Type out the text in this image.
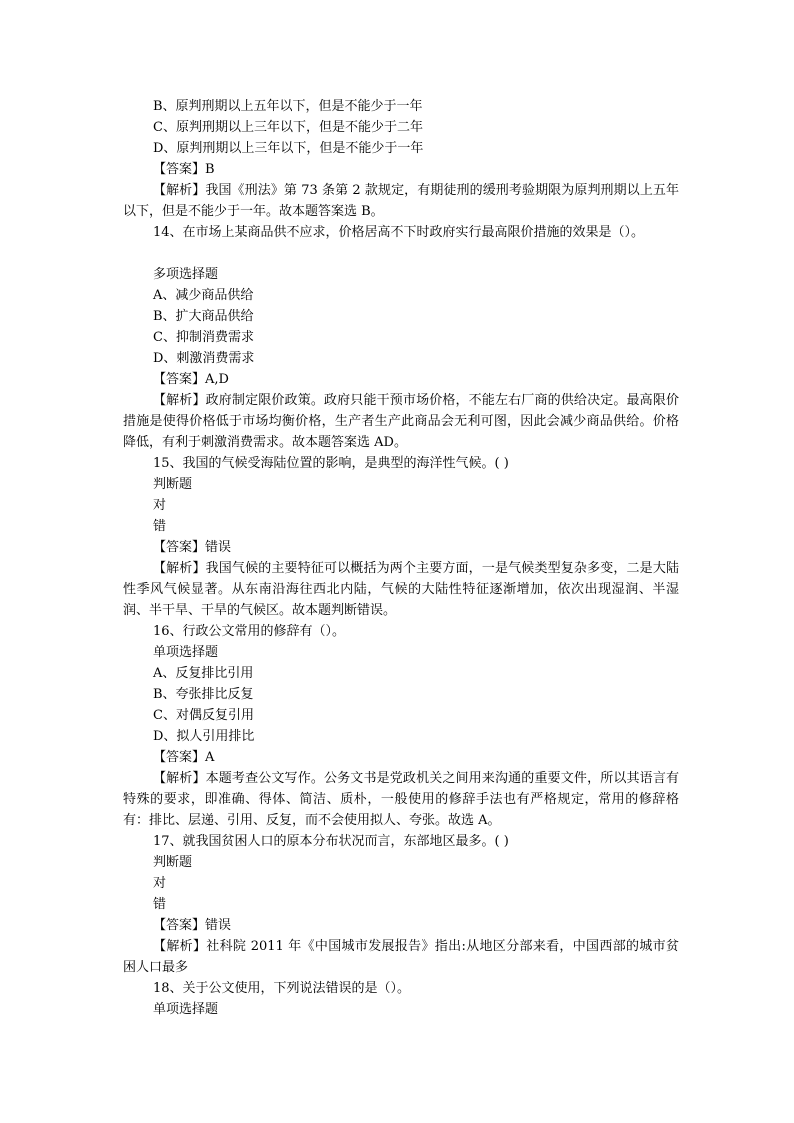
B、原判刑期以上五年以下，但是不能少于一年
C、原判刑期以上三年以下，但是不能少于二年
D、原判刑期以上三年以下，但是不能少于一年
【答案】B
【解析】我国《刑法》第 73 条第 2 款规定，有期徒刑的缓刑考验期限为原判刑期以上五年以下，但是不能少于一年。故本题答案选 B。
14、在市场上某商品供不应求，价格居高不下时政府实行最高限价措施的效果是（）。
多项选择题
A、减少商品供给
B、扩大商品供给
C、抑制消费需求
D、刺激消费需求
【答案】A,D
【解析】政府制定限价政策。政府只能干预市场价格，不能左右厂商的供给决定。最高限价措施是使得价格低于市场均衡价格，生产者生产此商品会无利可图，因此会减少商品供给。价格降低，有利于刺激消费需求。故本题答案选 AD。
15、我国的气候受海陆位置的影响，是典型的海洋性气候。( )
判断题
对
错
【答案】错误
【解析】我国气候的主要特征可以概括为两个主要方面，一是气候类型复杂多变，二是大陆性季风气候显著。从东南沿海往西北内陆，气候的大陆性特征逐渐增加，依次出现湿润、半湿润、半干旱、干旱的气候区。故本题判断错误。
16、行政公文常用的修辞有（）。
单项选择题
A、反复排比引用
B、夸张排比反复
C、对偶反复引用
D、拟人引用排比
【答案】A
【解析】本题考查公文写作。公务文书是党政机关之间用来沟通的重要文件，所以其语言有特殊的要求，即准确、得体、简洁、质朴，一般使用的修辞手法也有严格规定，常用的修辞格有：排比、层递、引用、反复，而不会使用拟人、夸张。故选 A。
17、就我国贫困人口的原本分布状况而言，东部地区最多。( )
判断题
对
错
【答案】错误
【解析】社科院 2011 年《中国城市发展报告》指出:从地区分部来看，中国西部的城市贫困人口最多
18、关于公文使用，下列说法错误的是（）。
单项选择题
